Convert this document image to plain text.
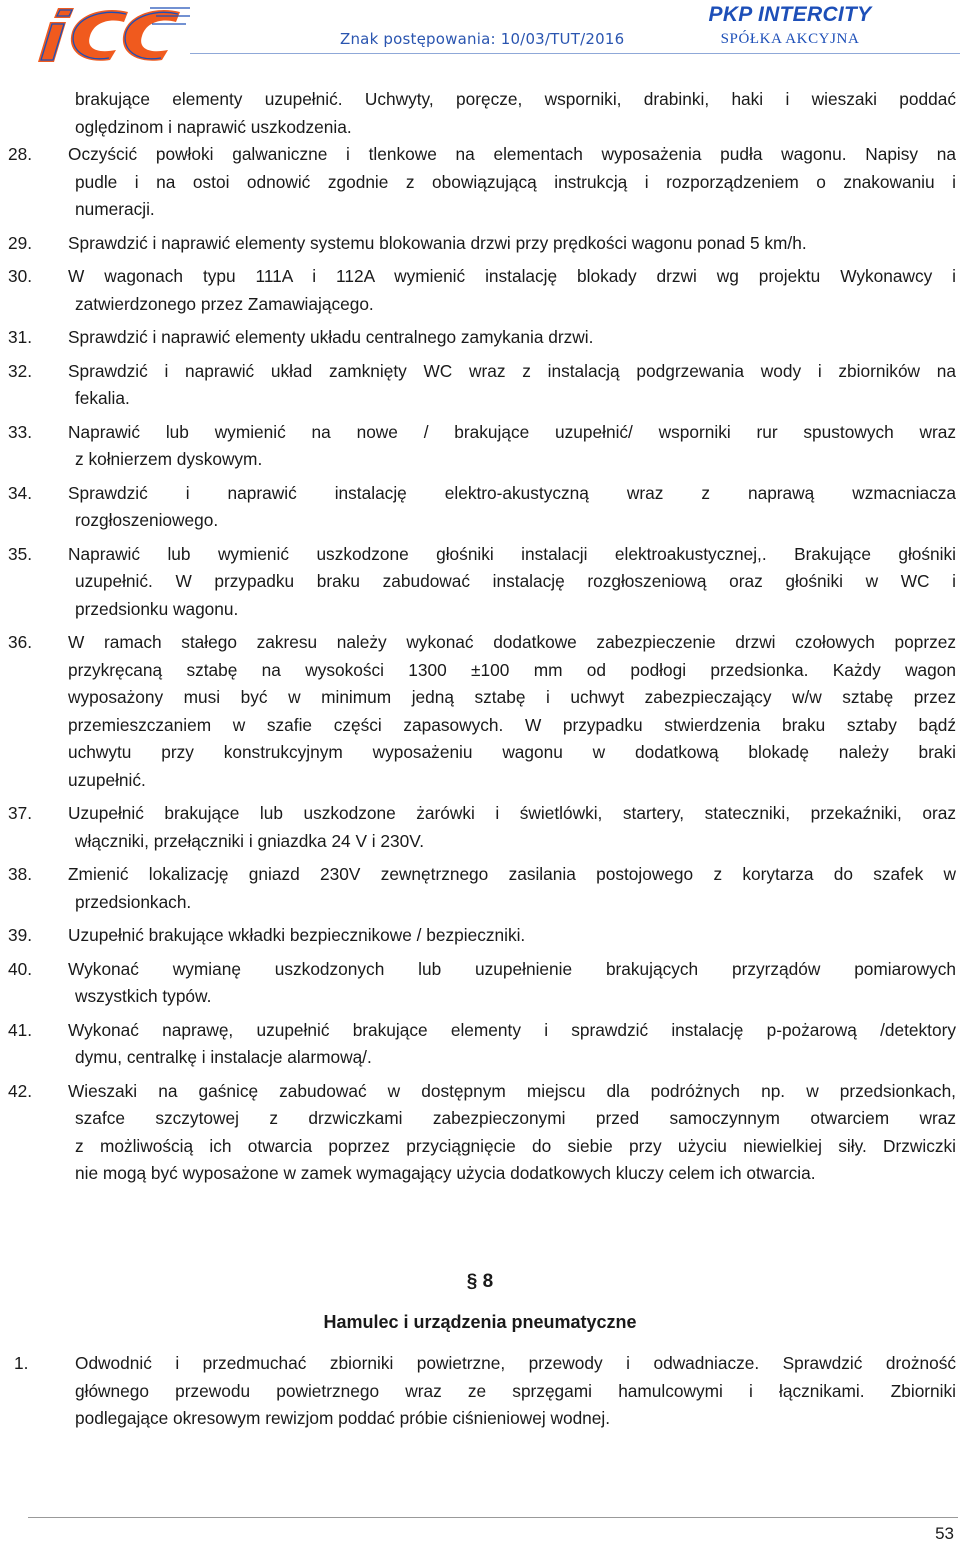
Znak postępowania: 10/03/TUT/2016
PKP INTERCITY
SPÓŁKA AKCYJNA
brakujące elementy uzupełnić. Uchwyty, poręcze, wsporniki, drabinki, haki i wieszaki poddać
oględzinom i naprawić uszkodzenia.
28. Oczyścić powłoki galwaniczne i tlenkowe na elementach wyposażenia pudła wagonu. Napisy na
pudle i na ostoi odnowić zgodnie z obowiązującą instrukcją i rozporządzeniem o znakowaniu i
numeracji.
29. Sprawdzić i naprawić elementy systemu blokowania drzwi przy prędkości wagonu ponad 5 km/h.
30. W wagonach typu 111A i 112A wymienić instalację blokady drzwi wg projektu Wykonawcy i
zatwierdzonego przez Zamawiającego.
31. Sprawdzić i naprawić elementy układu centralnego zamykania drzwi.
32. Sprawdzić i naprawić układ zamknięty WC wraz z instalacją podgrzewania wody i zbiorników na
fekalia.
33. Naprawić lub wymienić na nowe / brakujące uzupełnić/ wsporniki rur spustowych wraz
z kołnierzem dyskowym.
34. Sprawdzić i naprawić instalację elektro-akustyczną wraz z naprawą wzmacniacza
rozgłoszeniowego.
35. Naprawić lub wymienić uszkodzone głośniki instalacji elektroakustycznej,. Brakujące głośniki
uzupełnić. W przypadku braku zabudować instalację rozgłoszeniową oraz głośniki w WC i
przedsionku wagonu.
36. W ramach stałego zakresu należy wykonać dodatkowe zabezpieczenie drzwi czołowych poprzez
przykręcaną sztabę na wysokości 1300 ±100 mm od podłogi przedsionka. Każdy wagon
wyposażony musi być w minimum jedną sztabę i uchwyt zabezpieczający w/w sztabę przez
przemieszczaniem w szafie części zapasowych. W przypadku stwierdzenia braku sztaby bądź
uchwytu przy konstrukcyjnym wyposażeniu wagonu w dodatkową blokadę należy braki
uzupełnić.
37. Uzupełnić brakujące lub uszkodzone żarówki i świetlówki, startery, stateczniki, przekaźniki, oraz
włączniki, przełączniki i gniazdka 24 V i 230V.
38. Zmienić lokalizację gniazd 230V zewnętrznego zasilania postojowego z korytarza do szafek w
przedsionkach.
39. Uzupełnić brakujące wkładki bezpiecznikowe / bezpieczniki.
40. Wykonać wymianę uszkodzonych lub uzupełnienie brakujących przyrządów pomiarowych
wszystkich typów.
41. Wykonać naprawę, uzupełnić brakujące elementy i sprawdzić instalację p-pożarową /detektory
dymu, centralkę i instalacje alarmową/.
42. Wieszaki na gaśnicę zabudować w dostępnym miejscu dla podróżnych np. w przedsionkach,
szafce szczytowej z drzwiczkami zabezpieczonymi przed samoczynnym otwarciem wraz
z możliwością ich otwarcia poprzez przyciągnięcie do siebie przy użyciu niewielkiej siły. Drzwiczki
nie mogą być wyposażone w zamek wymagający użycia dodatkowych kluczy celem ich otwarcia.
§ 8
Hamulec i urządzenia pneumatyczne
1.	Odwodnić i przedmuchać zbiorniki powietrzne, przewody i odwadniacze. Sprawdzić drożność
głównego przewodu powietrznego wraz ze sprzęgami hamulcowymi i łącznikami. Zbiorniki
podlegające okresowym rewizjom poddać próbie ciśnieniowej wodnej.
53
